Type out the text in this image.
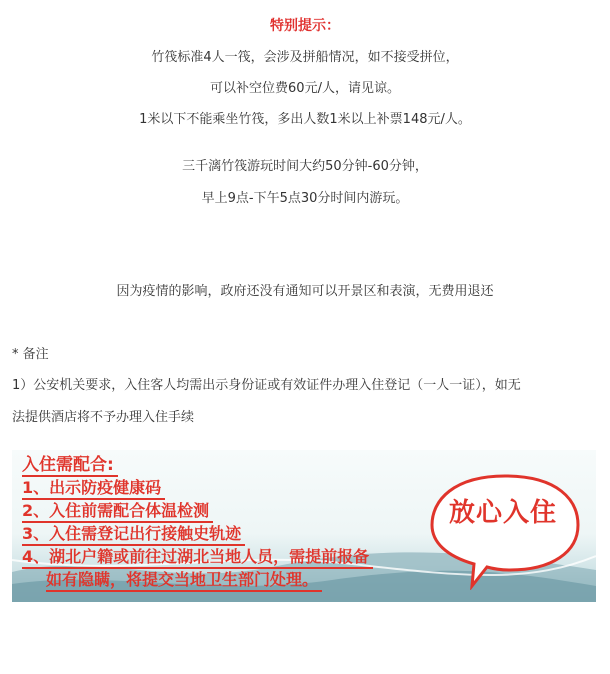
特别提示：
竹筏标准4人一筏，会涉及拼船情况，如不接受拼位，
可以补空位费60元/人，请见谅。
1米以下不能乘坐竹筏，多出人数1米以上补票148元/人。
三千漓竹筏游玩时间大约50分钟-60分钟，
早上9点-下午5点30分时间内游玩。
因为疫情的影响，政府还没有通知可以开景区和表演，无费用退还
* 备注
1）公安机关要求，入住客人均需出示身份证或有效证件办理入住登记（一人一证），如无
法提供酒店将不予办理入住手续
入住需配合:
1、出示防疫健康码
2、入住前需配合体温检测
3、入住需登记出行接触史轨迹
4、湖北户籍或前往过湖北当地人员，需提前报备
如有隐瞒，将提交当地卫生部门处理。
放心入住
